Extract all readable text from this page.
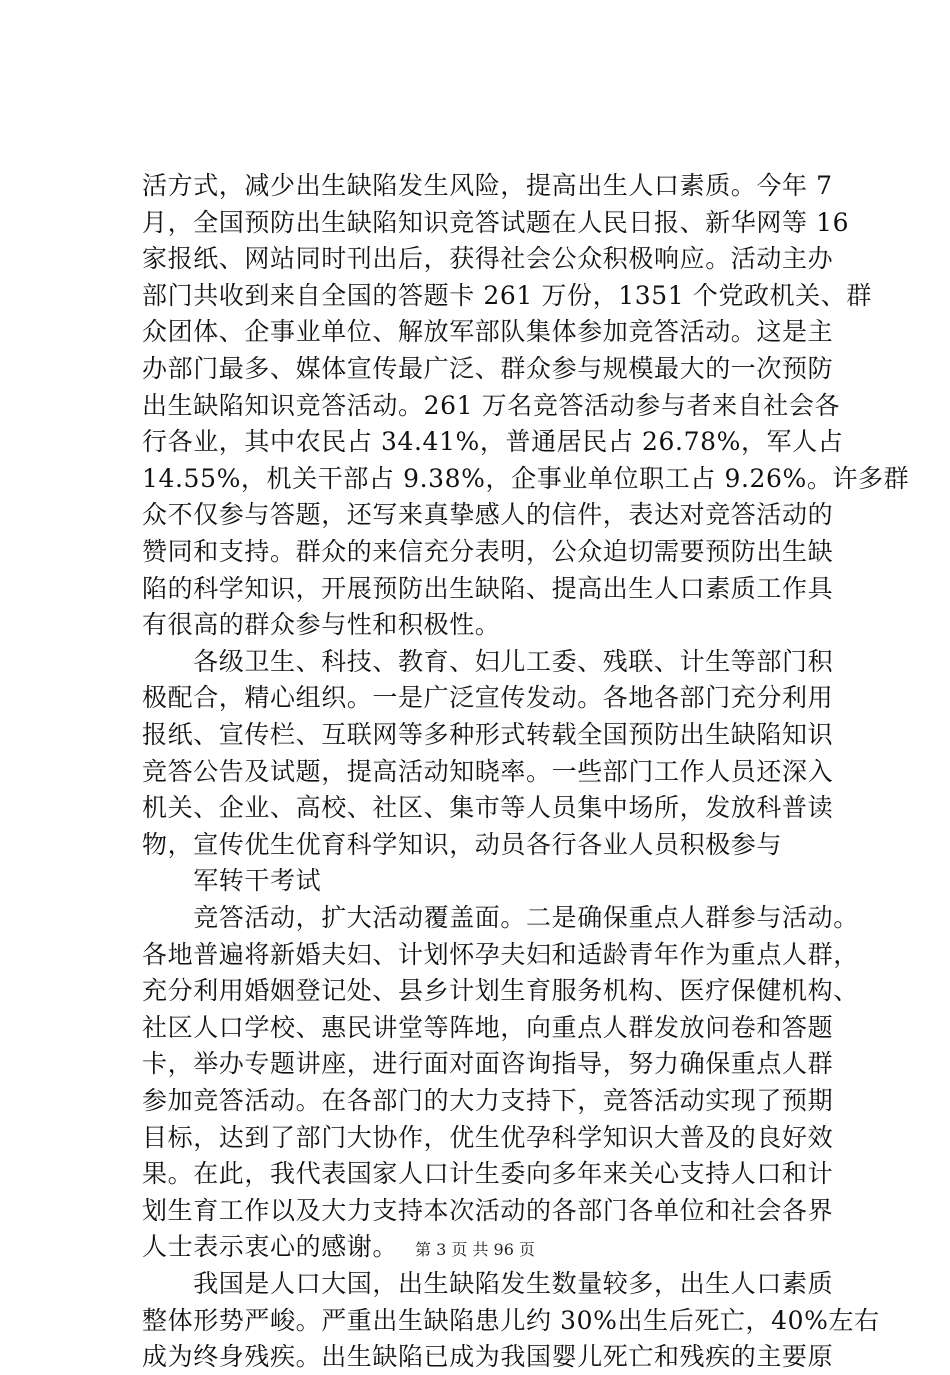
活方式，减少出生缺陷发生风险，提高出生人口素质。今年 7
月，全国预防出生缺陷知识竞答试题在人民日报、新华网等 16
家报纸、网站同时刊出后，获得社会公众积极响应。活动主办
部门共收到来自全国的答题卡 261 万份，1351 个党政机关、群
众团体、企事业单位、解放军部队集体参加竞答活动。这是主
办部门最多、媒体宣传最广泛、群众参与规模最大的一次预防
出生缺陷知识竞答活动。261 万名竞答活动参与者来自社会各
行各业，其中农民占 34.41%，普通居民占 26.78%，军人占
14.55%，机关干部占 9.38%，企事业单位职工占 9.26%。许多群
众不仅参与答题，还写来真挚感人的信件，表达对竞答活动的
赞同和支持。群众的来信充分表明，公众迫切需要预防出生缺
陷的科学知识，开展预防出生缺陷、提高出生人口素质工作具
有很高的群众参与性和积极性。
　　各级卫生、科技、教育、妇儿工委、残联、计生等部门积
极配合，精心组织。一是广泛宣传发动。各地各部门充分利用
报纸、宣传栏、互联网等多种形式转载全国预防出生缺陷知识
竞答公告及试题，提高活动知晓率。一些部门工作人员还深入
机关、企业、高校、社区、集市等人员集中场所，发放科普读
物，宣传优生优育科学知识，动员各行各业人员积极参与
　　军转干考试
　　竞答活动，扩大活动覆盖面。二是确保重点人群参与活动。
各地普遍将新婚夫妇、计划怀孕夫妇和适龄青年作为重点人群，
充分利用婚姻登记处、县乡计划生育服务机构、医疗保健机构、
社区人口学校、惠民讲堂等阵地，向重点人群发放问卷和答题
卡，举办专题讲座，进行面对面咨询指导，努力确保重点人群
参加竞答活动。在各部门的大力支持下，竞答活动实现了预期
目标，达到了部门大协作，优生优孕科学知识大普及的良好效
果。在此，我代表国家人口计生委向多年来关心支持人口和计
划生育工作以及大力支持本次活动的各部门各单位和社会各界
人士表示衷心的感谢。
　　我国是人口大国，出生缺陷发生数量较多，出生人口素质
整体形势严峻。严重出生缺陷患儿约 30%出生后死亡，40%左右
成为终身残疾。出生缺陷已成为我国婴儿死亡和残疾的主要原
第 3 页 共 96 页
